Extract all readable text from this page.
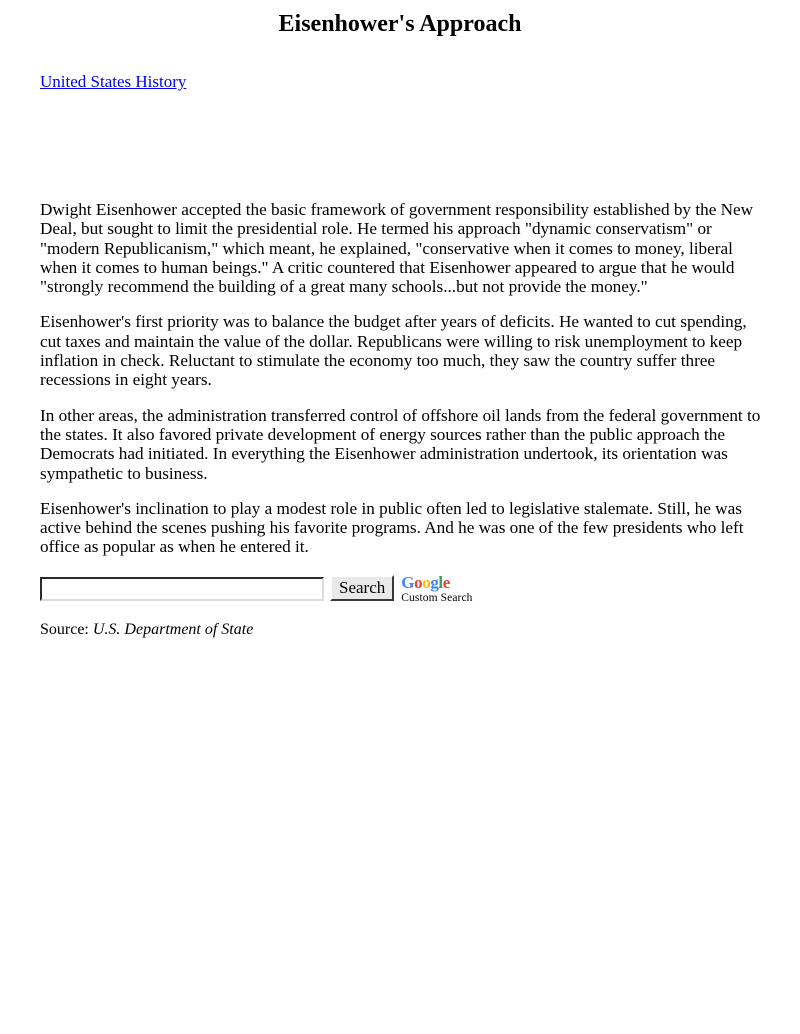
Eisenhower's Approach
United States History

Dwight Eisenhower accepted the basic framework of government responsibility established by the New Deal, but sought to limit the presidential role. He termed his approach "dynamic conservatism" or "modern Republicanism," which meant, he explained, "conservative when it comes to money, liberal when it comes to human beings." A critic countered that Eisenhower appeared to argue that he would "strongly recommend the building of a great many schools...but not provide the money."

Eisenhower's first priority was to balance the budget after years of deficits. He wanted to cut spending, cut taxes and maintain the value of the dollar. Republicans were willing to risk unemployment to keep inflation in check. Reluctant to stimulate the economy too much, they saw the country suffer three recessions in eight years.

In other areas, the administration transferred control of offshore oil lands from the federal government to the states. It also favored private development of energy sources rather than the public approach the Democrats had initiated. In everything the Eisenhower administration undertook, its orientation was sympathetic to business.

Eisenhower's inclination to play a modest role in public often led to legislative stalemate. Still, he was active behind the scenes pushing his favorite programs. And he was one of the few presidents who left office as popular as when he entered it.

Search Google
Custom Search
Source: U.S. Department of State
